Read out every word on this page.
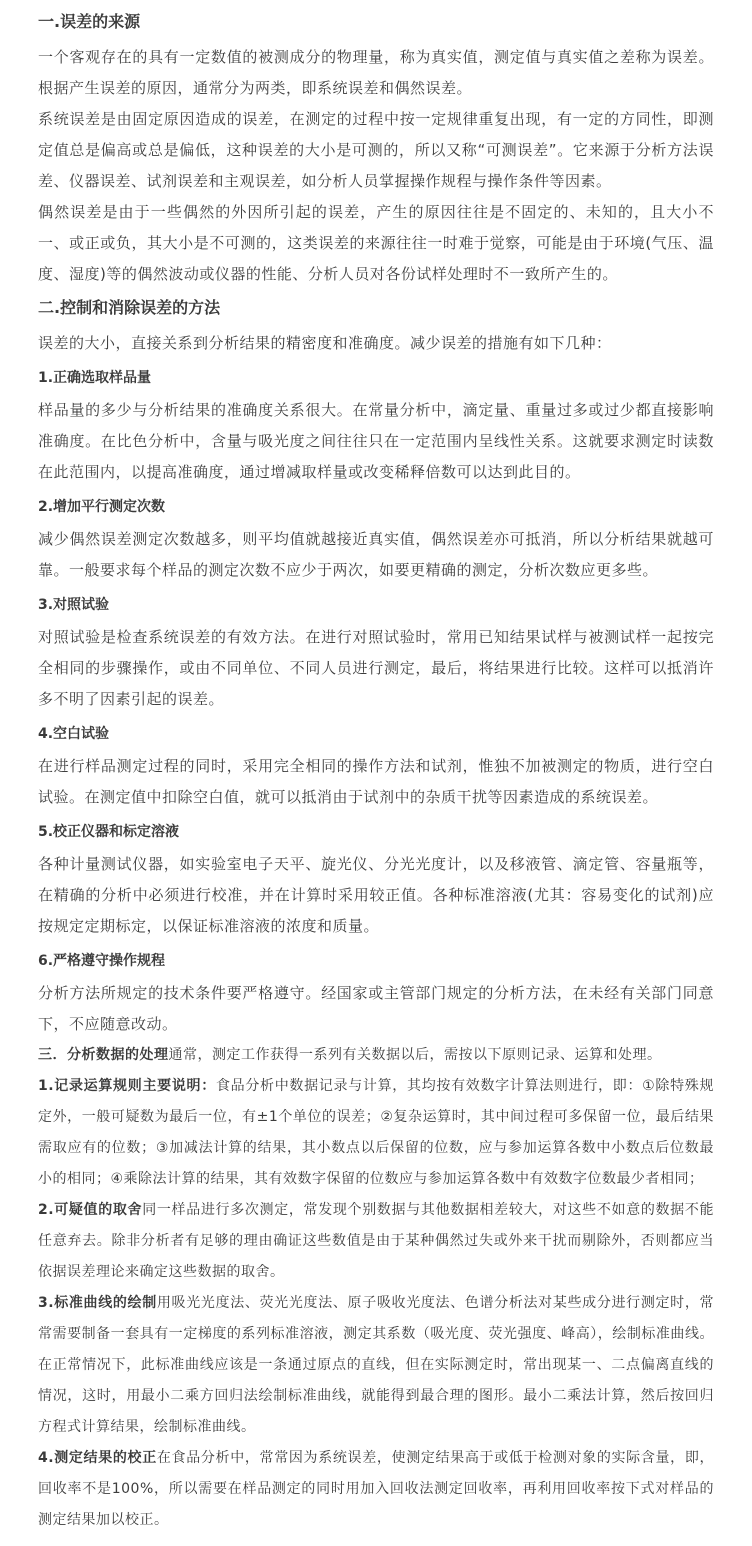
一.误差的来源

一个客观存在的具有一定数值的被测成分的物理量，称为真实值，测定值与真实值之差称为误差。根据产生误差的原因，通常分为两类，即系统误差和偶然误差。

系统误差是由固定原因造成的误差，在测定的过程中按一定规律重复出现，有一定的方同性，即测定值总是偏高或总是偏低，这种误差的大小是可测的，所以又称“可测误差”。它来源于分析方法误差、仪器误差、试剂误差和主观误差，如分析人员掌握操作规程与操作条件等因素。

偶然误差是由于一些偶然的外因所引起的误差，产生的原因往往是不固定的、未知的，且大小不一、或正或负，其大小是不可测的，这类误差的来源往往一时难于觉察，可能是由于环境(气压、温度、湿度)等的偶然波动或仪器的性能、分析人员对各份试样处理时不一致所产生的。

二.控制和消除误差的方法

误差的大小，直接关系到分析结果的精密度和准确度。减少误差的措施有如下几种：

1.正确选取样品量

样品量的多少与分析结果的准确度关系很大。在常量分析中，滴定量、重量过多或过少都直接影响准确度。在比色分析中，含量与吸光度之间往往只在一定范围内呈线性关系。这就要求测定时读数在此范围内，以提高准确度，通过增减取样量或改变稀释倍数可以达到此目的。

2.增加平行测定次数

减少偶然误差测定次数越多，则平均值就越接近真实值，偶然误差亦可抵消，所以分析结果就越可靠。一般要求每个样品的测定次数不应少于两次，如要更精确的测定，分析次数应更多些。

3.对照试验

对照试验是检查系统误差的有效方法。在进行对照试验时，常用已知结果试样与被测试样一起按完全相同的步骤操作，或由不同单位、不同人员进行测定，最后，将结果进行比较。这样可以抵消许多不明了因素引起的误差。

4.空白试验

在进行样品测定过程的同时，采用完全相同的操作方法和试剂，惟独不加被测定的物质，进行空白试验。在测定值中扣除空白值，就可以抵消由于试剂中的杂质干扰等因素造成的系统误差。

5.校正仪器和标定溶液

各种计量测试仪器，如实验室电子天平、旋光仪、分光光度计，以及移液管、滴定管、容量瓶等，在精确的分析中必须进行校准，并在计算时采用较正值。各种标准溶液(尤其：容易变化的试剂)应按规定定期标定，以保证标准溶液的浓度和质量。

6.严格遵守操作规程

分析方法所规定的技术条件要严格遵守。经国家或主管部门规定的分析方法，在未经有关部门同意下，不应随意改动。

三．分析数据的处理通常，测定工作获得一系列有关数据以后，需按以下原则记录、运算和处理。

1.记录运算规则主要说明：食品分析中数据记录与计算，其均按有效数字计算法则进行，即：①除特殊规定外，一般可疑数为最后一位，有±1个单位的误差；②复杂运算时，其中间过程可多保留一位，最后结果需取应有的位数；③加减法计算的结果，其小数点以后保留的位数，应与参加运算各数中小数点后位数最小的相同；④乘除法计算的结果，其有效数字保留的位数应与参加运算各数中有效数字位数最少者相同；

2.可疑值的取舍同一样品进行多次测定，常发现个别数据与其他数据相差较大，对这些不如意的数据不能任意弃去。除非分析者有足够的理由确证这些数值是由于某种偶然过失或外来干扰而剔除外，否则都应当依据误差理论来确定这些数据的取舍。

3.标准曲线的绘制用吸光光度法、荧光光度法、原子吸收光度法、色谱分析法对某些成分进行测定时，常常需要制备一套具有一定梯度的系列标准溶液，测定其系数（吸光度、荧光强度、峰高），绘制标准曲线。在正常情况下，此标准曲线应该是一条通过原点的直线，但在实际测定时，常出现某一、二点偏离直线的情况，这时，用最小二乘方回归法绘制标准曲线，就能得到最合理的图形。最小二乘法计算，然后按回归方程式计算结果，绘制标准曲线。

4.测定结果的校正在食品分析中，常常因为系统误差，使测定结果高于或低于检测对象的实际含量，即，回收率不是100%，所以需要在样品测定的同时用加入回收法测定回收率，再利用回收率按下式对样品的测定结果加以校正。
